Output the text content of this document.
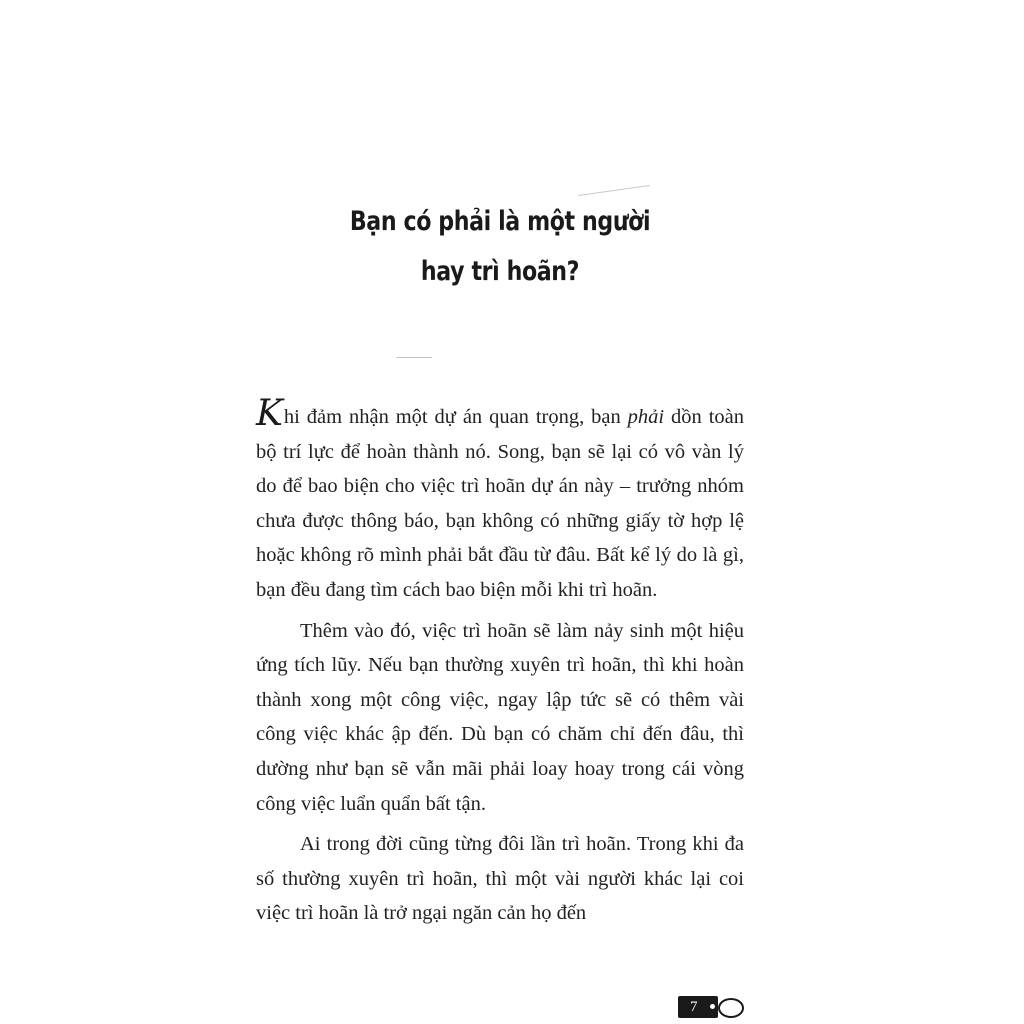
Bạn có phải là một người
hay trì hoãn?

Khi đảm nhận một dự án quan trọng, bạn phải dồn toàn bộ trí lực để hoàn thành nó. Song, bạn sẽ lại có vô vàn lý do để bao biện cho việc trì hoãn dự án này – trưởng nhóm chưa được thông báo, bạn không có những giấy tờ hợp lệ hoặc không rõ mình phải bắt đầu từ đâu. Bất kể lý do là gì, bạn đều đang tìm cách bao biện mỗi khi trì hoãn.

Thêm vào đó, việc trì hoãn sẽ làm nảy sinh một hiệu ứng tích lũy. Nếu bạn thường xuyên trì hoãn, thì khi hoàn thành xong một công việc, ngay lập tức sẽ có thêm vài công việc khác ập đến. Dù bạn có chăm chỉ đến đâu, thì dường như bạn sẽ vẫn mãi phải loay hoay trong cái vòng công việc luẩn quẩn bất tận.

Ai trong đời cũng từng đôi lần trì hoãn. Trong khi đa số thường xuyên trì hoãn, thì một vài người khác lại coi việc trì hoãn là trở ngại ngăn cản họ đến

7
